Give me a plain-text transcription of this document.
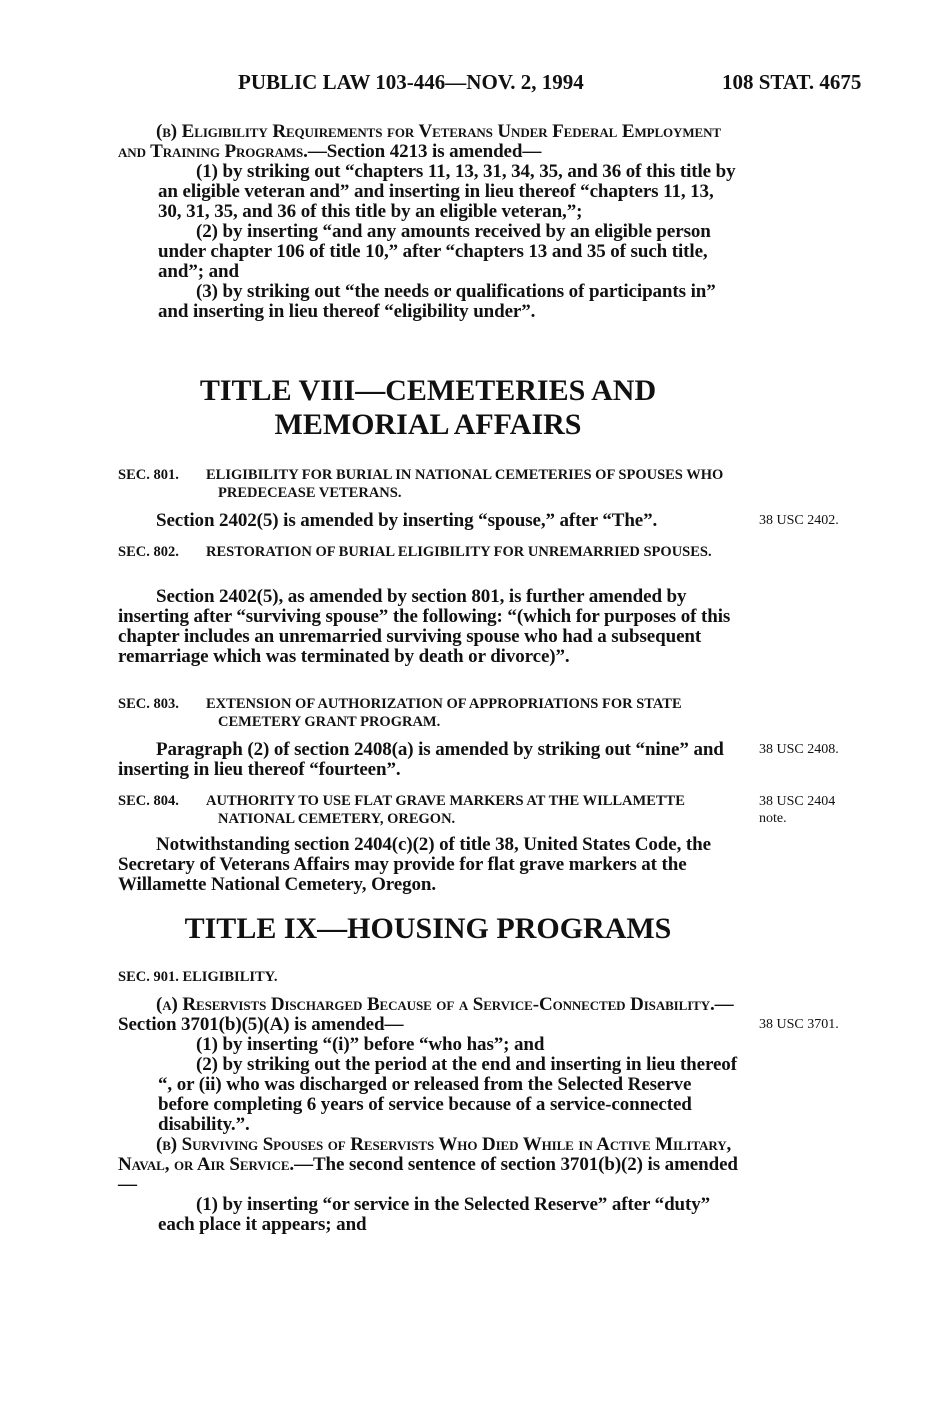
PUBLIC LAW 103-446—NOV. 2, 1994	108 STAT. 4675

(b) Eligibility Requirements for Veterans Under Federal Employment and Training Programs.—Section 4213 is amended—

(1) by striking out “chapters 11, 13, 31, 34, 35, and 36 of this title by an eligible veteran and” and inserting in lieu thereof “chapters 11, 13, 30, 31, 35, and 36 of this title by an eligible veteran,”;

(2) by inserting “and any amounts received by an eligible person under chapter 106 of title 10,” after “chapters 13 and 35 of such title, and”; and

(3) by striking out “the needs or qualifications of participants in” and inserting in lieu thereof “eligibility under”.

TITLE VIII—CEMETERIES AND
MEMORIAL AFFAIRS
SEC. 801. ELIGIBILITY FOR BURIAL IN NATIONAL CEMETERIES OF SPOUSES WHO PREDECEASE VETERANS.

Section 2402(5) is amended by inserting “spouse,” after “The”.	38 USC 2402.
SEC. 802. RESTORATION OF BURIAL ELIGIBILITY FOR UNREMARRIED SPOUSES.

Section 2402(5), as amended by section 801, is further amended by inserting after “surviving spouse” the following: “(which for purposes of this chapter includes an unremarried surviving spouse who had a subsequent remarriage which was terminated by death or divorce)”.

SEC. 803. EXTENSION OF AUTHORIZATION OF APPROPRIATIONS FOR STATE CEMETERY GRANT PROGRAM.

Paragraph (2) of section 2408(a) is amended by striking out “nine” and inserting in lieu thereof “fourteen”.

38 USC 2408.
SEC. 804. AUTHORITY TO USE FLAT GRAVE MARKERS AT THE WILLAMETTE NATIONAL CEMETERY, OREGON.
38 USC 2404
note.

Notwithstanding section 2404(c)(2) of title 38, United States Code, the Secretary of Veterans Affairs may provide for flat grave markers at the Willamette National Cemetery, Oregon.

TITLE IX—HOUSING PROGRAMS
SEC. 901. ELIGIBILITY.

(a) Reservists Discharged Because of a Service-Connected Disability.—Section 3701(b)(5)(A) is amended—

(1) by inserting “(i)” before “who has”; and

(2) by striking out the period at the end and inserting in lieu thereof “, or (ii) who was discharged or released from the Selected Reserve before completing 6 years of service because of a service-connected disability.”.

(b) Surviving Spouses of Reservists Who Died While in Active Military, Naval, or Air Service.—The second sentence of section 3701(b)(2) is amended—

(1) by inserting “or service in the Selected Reserve” after “duty” each place it appears; and

38 USC 3701.
